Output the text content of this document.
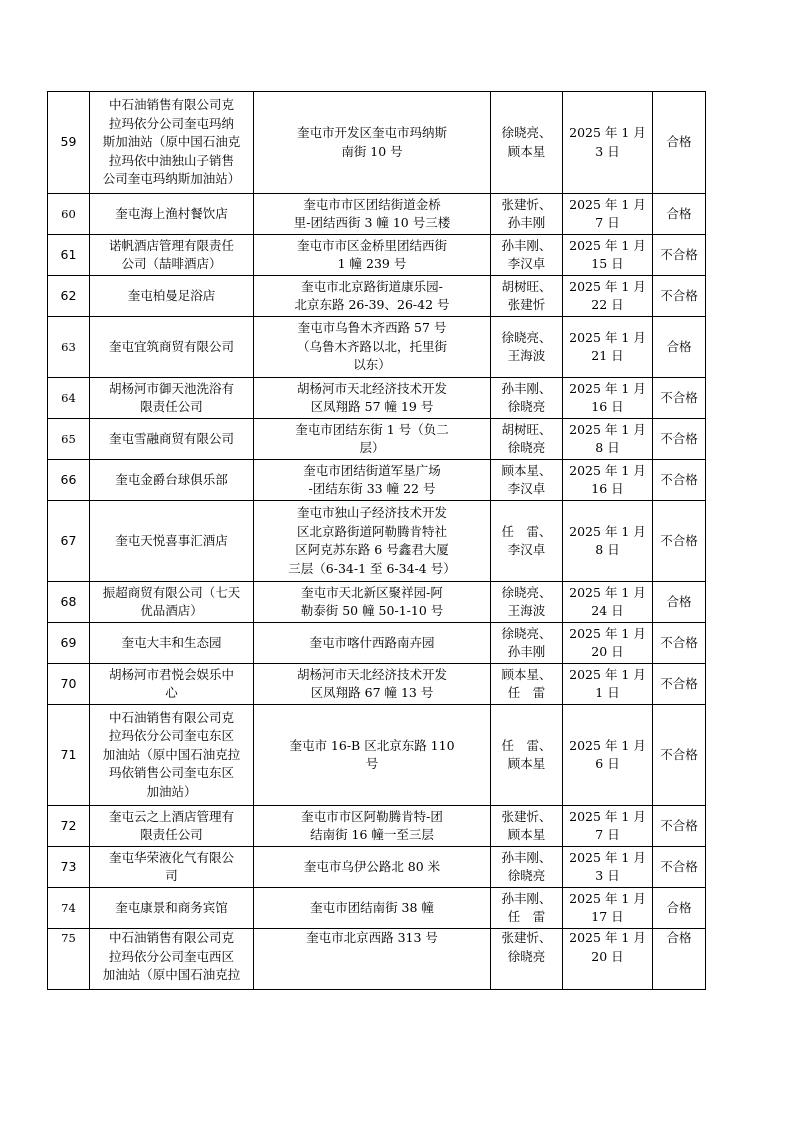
59	中石油销售有限公司克
拉玛依分公司奎屯玛纳
斯加油站（原中国石油克
拉玛依中油独山子销售
公司奎屯玛纳斯加油站）	奎屯市开发区奎屯市玛纳斯
南街 10 号	徐晓亮、
顾本星	2025 年 1 月
3 日	合格
60	奎屯海上渔村餐饮店	奎屯市市区团结街道金桥
里-团结西街 3 幢 10 号三楼	张建忻、
孙丰刚	2025 年 1 月
7 日	合格
61	诺帆酒店管理有限责任
公司（喆啡酒店）	奎屯市市区金桥里团结西街
1 幢 239 号	孙丰刚、
李汉卓	2025 年 1 月
15 日	不合格
62	奎屯柏曼足浴店	奎屯市北京路街道康乐园-
北京东路 26-39、26-42 号	胡树旺、
张建忻	2025 年 1 月
22 日	不合格
63	奎屯宜筑商贸有限公司	奎屯市乌鲁木齐西路 57 号
（乌鲁木齐路以北，托里街
以东）	徐晓亮、
王海波	2025 年 1 月
21 日	合格
64	胡杨河市御天池洗浴有
限责任公司	胡杨河市天北经济技术开发
区凤翔路 57 幢 19 号	孙丰刚、
徐晓亮	2025 年 1 月
16 日	不合格
65	奎屯雪融商贸有限公司	奎屯市团结东街 1 号（负二
层）	胡树旺、
徐晓亮	2025 年 1 月
8 日	不合格
66	奎屯金爵台球俱乐部	奎屯市团结街道军垦广场
-团结东街 33 幢 22 号	顾本星、
李汉卓	2025 年 1 月
16 日	不合格
67	奎屯天悦喜事汇酒店	奎屯市独山子经济技术开发
区北京路街道阿勒腾肯特社
区阿克苏东路 6 号鑫君大厦
三层（6-34-1 至 6-34-4 号）	任　雷、
李汉卓	2025 年 1 月
8 日	不合格
68	振超商贸有限公司（七天
优品酒店）	奎屯市天北新区聚祥园-阿
勒泰街 50 幢 50-1-10 号	徐晓亮、
王海波	2025 年 1 月
24 日	合格
69	奎屯大丰和生态园	奎屯市喀什西路南卉园	徐晓亮、
孙丰刚	2025 年 1 月
20 日	不合格
70	胡杨河市君悦会娱乐中
心	胡杨河市天北经济技术开发
区凤翔路 67 幢 13 号	顾本星、
任　雷	2025 年 1 月
1 日	不合格
71	中石油销售有限公司克
拉玛依分公司奎屯东区
加油站（原中国石油克拉
玛依销售公司奎屯东区
加油站）	奎屯市 16-B 区北京东路 110
号	任　雷、
顾本星	2025 年 1 月
6 日	不合格
72	奎屯云之上酒店管理有
限责任公司	奎屯市市区阿勒腾肯特-团
结南街 16 幢一至三层	张建忻、
顾本星	2025 年 1 月
7 日	不合格
73	奎屯华荣液化气有限公
司	奎屯市乌伊公路北 80 米	孙丰刚、
徐晓亮	2025 年 1 月
3 日	不合格
74	奎屯康景和商务宾馆	奎屯市团结南街 38 幢	孙丰刚、
任　雷	2025 年 1 月
17 日	合格
75	中石油销售有限公司克
拉玛依分公司奎屯西区
加油站（原中国石油克拉	奎屯市北京西路 313 号	张建忻、
徐晓亮	2025 年 1 月
20 日	合格
